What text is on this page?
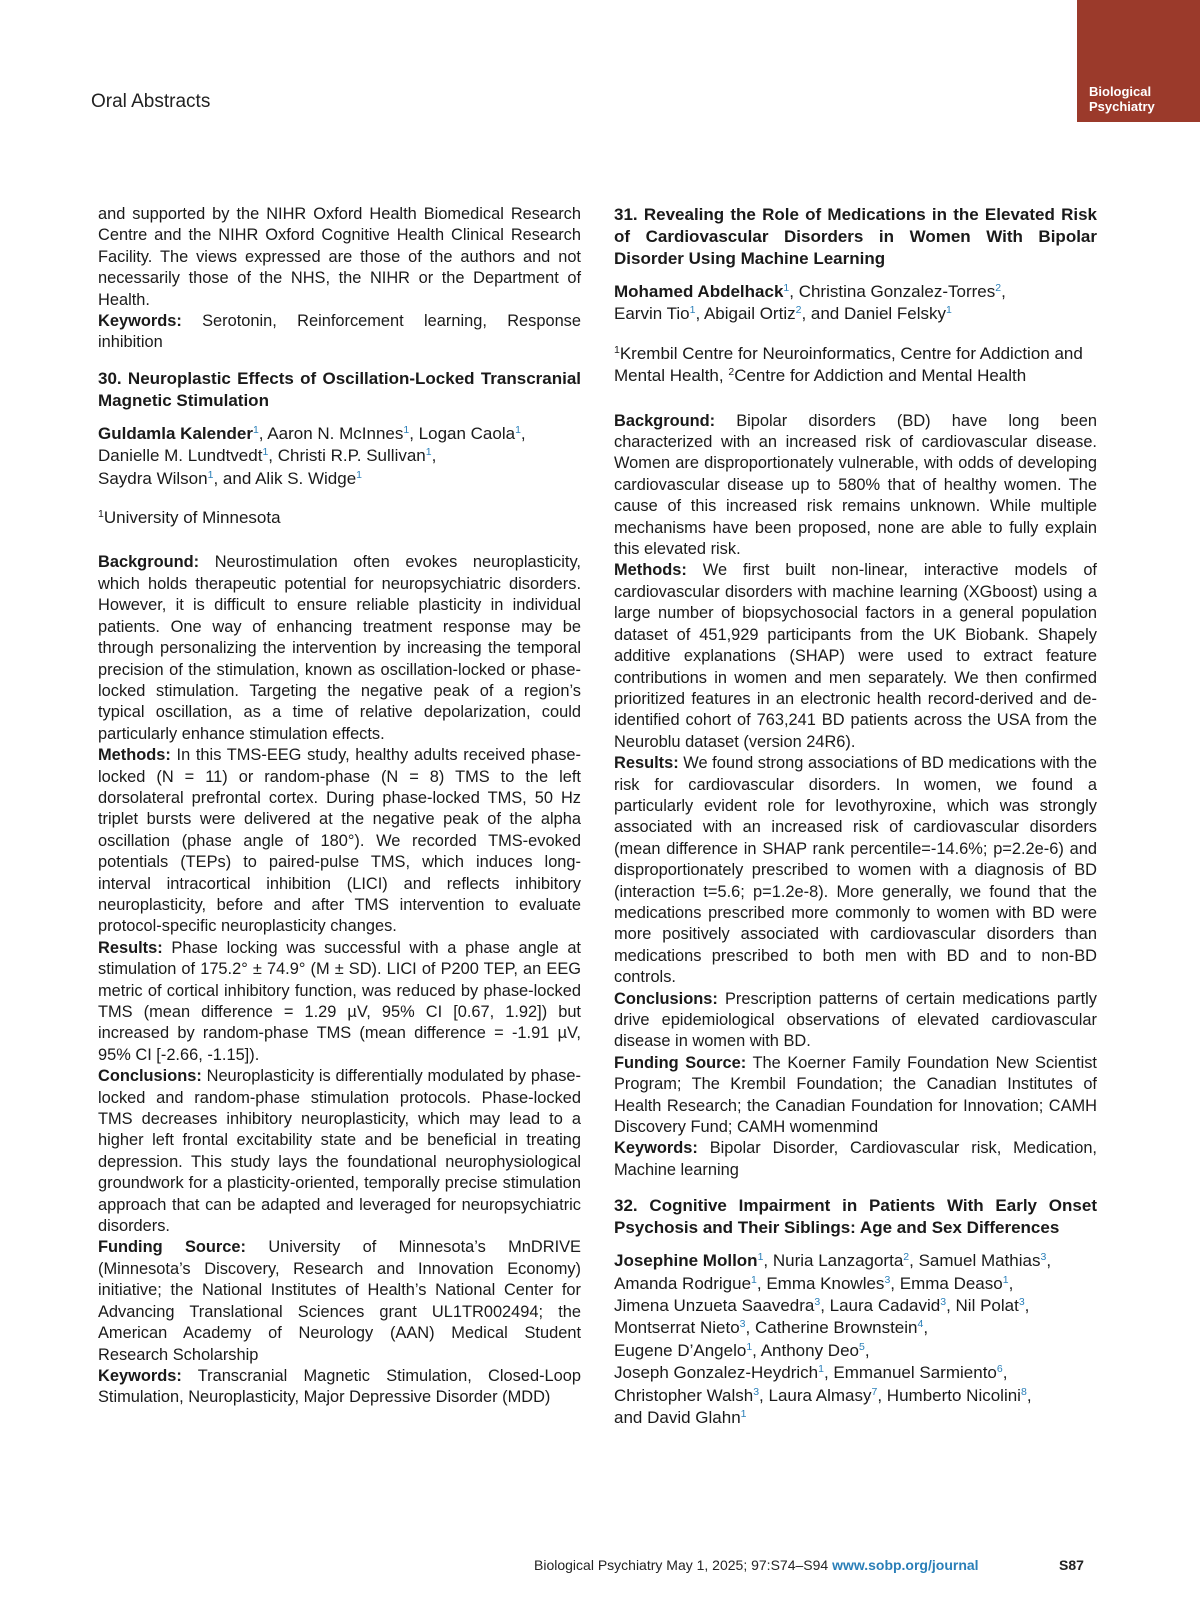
Oral Abstracts	Biological
Psychiatry

and supported by the NIHR Oxford Health Biomedical Research Centre and the NIHR Oxford Cognitive Health Clinical Research Facility. The views expressed are those of the authors and not necessarily those of the NHS, the NIHR or the Department of Health.

Keywords: Serotonin, Reinforcement learning, Response inhibition

30. Neuroplastic Effects of Oscillation-Locked Transcranial Magnetic Stimulation

Guldamla Kalender$^1$, Aaron N. McInnes$^1$, Logan Caola$^1$,
Danielle M. Lundtvedt$^1$, Christi R.P. Sullivan$^1$,
Saydra Wilson$^1$, and Alik S. Widge$^1$
$^1$University of Minnesota

Background: Neurostimulation often evokes neuroplasticity, which holds therapeutic potential for neuropsychiatric disorders. However, it is difficult to ensure reliable plasticity in individual patients. One way of enhancing treatment response may be through personalizing the intervention by increasing the temporal precision of the stimulation, known as oscillation-locked or phase-locked stimulation. Targeting the negative peak of a region’s typical oscillation, as a time of relative depolarization, could particularly enhance stimulation effects.

Methods: In this TMS-EEG study, healthy adults received phase-locked (N = 11) or random-phase (N = 8) TMS to the left dorsolateral prefrontal cortex. During phase-locked TMS, 50 Hz triplet bursts were delivered at the negative peak of the alpha oscillation (phase angle of 180°). We recorded TMS-evoked potentials (TEPs) to paired-pulse TMS, which induces long-interval intracortical inhibition (LICI) and reflects inhibitory neuroplasticity, before and after TMS intervention to evaluate protocol-specific neuroplasticity changes.

Results: Phase locking was successful with a phase angle at stimulation of 175.2° ± 74.9° (M ± SD). LICI of P200 TEP, an EEG metric of cortical inhibitory function, was reduced by phase-locked TMS (mean difference = 1.29 µV, 95% CI [0.67, 1.92]) but increased by random-phase TMS (mean difference = -1.91 µV, 95% CI [-2.66, -1.15]).

Conclusions: Neuroplasticity is differentially modulated by phase-locked and random-phase stimulation protocols. Phase-locked TMS decreases inhibitory neuroplasticity, which may lead to a higher left frontal excitability state and be beneficial in treating depression. This study lays the foundational neurophysiological groundwork for a plasticity-oriented, temporally precise stimulation approach that can be adapted and leveraged for neuropsychiatric disorders.

Funding Source: University of Minnesota’s MnDRIVE (Minnesota’s Discovery, Research and Innovation Economy) initiative; the National Institutes of Health’s National Center for Advancing Translational Sciences grant UL1TR002494; the American Academy of Neurology (AAN) Medical Student Research Scholarship

Keywords: Transcranial Magnetic Stimulation, Closed-Loop Stimulation, Neuroplasticity, Major Depressive Disorder (MDD)

31. Revealing the Role of Medications in the Elevated Risk of Cardiovascular Disorders in Women With Bipolar Disorder Using Machine Learning

Mohamed Abdelhack$^1$, Christina Gonzalez-Torres$^2$,
Earvin Tio$^1$, Abigail Ortiz$^2$, and Daniel Felsky$^1$
$^1$Krembil Centre for Neuroinformatics, Centre for Addiction and Mental Health, $^2$Centre for Addiction and Mental Health

Background: Bipolar disorders (BD) have long been characterized with an increased risk of cardiovascular disease. Women are disproportionately vulnerable, with odds of developing cardiovascular disease up to 580% that of healthy women. The cause of this increased risk remains unknown. While multiple mechanisms have been proposed, none are able to fully explain this elevated risk.

Methods: We first built non-linear, interactive models of cardiovascular disorders with machine learning (XGboost) using a large number of biopsychosocial factors in a general population dataset of 451,929 participants from the UK Biobank. Shapely additive explanations (SHAP) were used to extract feature contributions in women and men separately. We then confirmed prioritized features in an electronic health record-derived and de-identified cohort of 763,241 BD patients across the USA from the Neuroblu dataset (version 24R6).

Results: We found strong associations of BD medications with the risk for cardiovascular disorders. In women, we found a particularly evident role for levothyroxine, which was strongly associated with an increased risk of cardiovascular disorders (mean difference in SHAP rank percentile=-14.6%; p=2.2e-6) and disproportionately prescribed to women with a diagnosis of BD (interaction t=5.6; p=1.2e-8). More generally, we found that the medications prescribed more commonly to women with BD were more positively associated with cardiovascular disorders than medications prescribed to both men with BD and to non-BD controls.

Conclusions: Prescription patterns of certain medications partly drive epidemiological observations of elevated cardiovascular disease in women with BD.

Funding Source: The Koerner Family Foundation New Scientist Program; The Krembil Foundation; the Canadian Institutes of Health Research; the Canadian Foundation for Innovation; CAMH Discovery Fund; CAMH womenmind

Keywords: Bipolar Disorder, Cardiovascular risk, Medication, Machine learning

32. Cognitive Impairment in Patients With Early Onset Psychosis and Their Siblings: Age and Sex Differences

Josephine Mollon$^1$, Nuria Lanzagorta$^2$, Samuel Mathias$^3$,
Amanda Rodrigue$^1$, Emma Knowles$^3$, Emma Deaso$^1$,
Jimena Unzueta Saavedra$^3$, Laura Cadavid$^3$, Nil Polat$^3$,
Montserrat Nieto$^3$, Catherine Brownstein$^4$,
Eugene D’Angelo$^1$, Anthony Deo$^5$,
Joseph Gonzalez-Heydrich$^1$, Emmanuel Sarmiento$^6$,
Christopher Walsh$^3$, Laura Almasy$^7$, Humberto Nicolini$^8$,
and David Glahn$^1$
Biological Psychiatry May 1, 2025; 97:S74–S94 www.sobp.org/journal	S87
